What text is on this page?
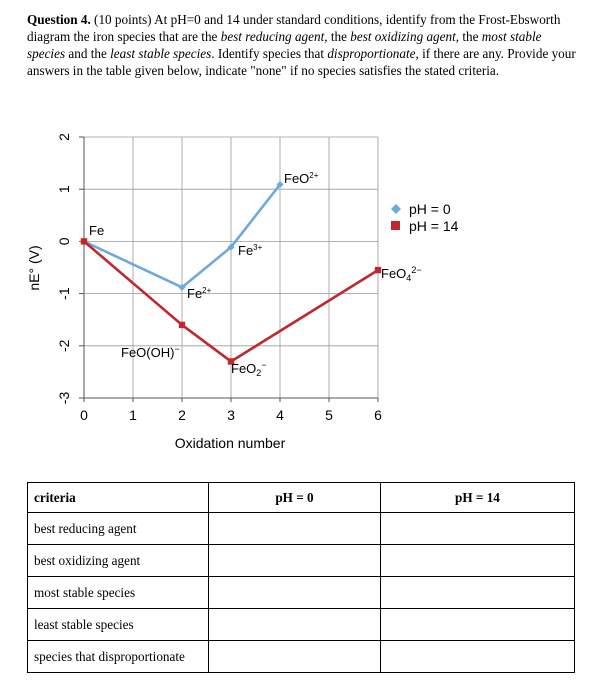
Question 4. (10 points) At pH=0 and 14 under standard conditions, identify from the Frost-Ebsworth diagram the iron species that are the best reducing agent, the best oxidizing agent, the most stable species and the least stable species. Identify species that disproportionate, if there are any. Provide your answers in the table given below, indicate "none" if no species satisfies the stated criteria.

0	1	2	3	4	5	6
2
1
0
-1
-2
-3
nE° (V)
Oxidation number
Fe
$Fe^{2+}$
$Fe^{3+}$
FeO$^{2+}$
FeO(OH)−
FeO$_2$−
FeO$_4^{2-}$
pH = 0
pH = 14
criteria	pH = 0	pH = 14
best reducing agent		
best oxidizing agent		
most stable species		
least stable species		
species that disproportionate		
